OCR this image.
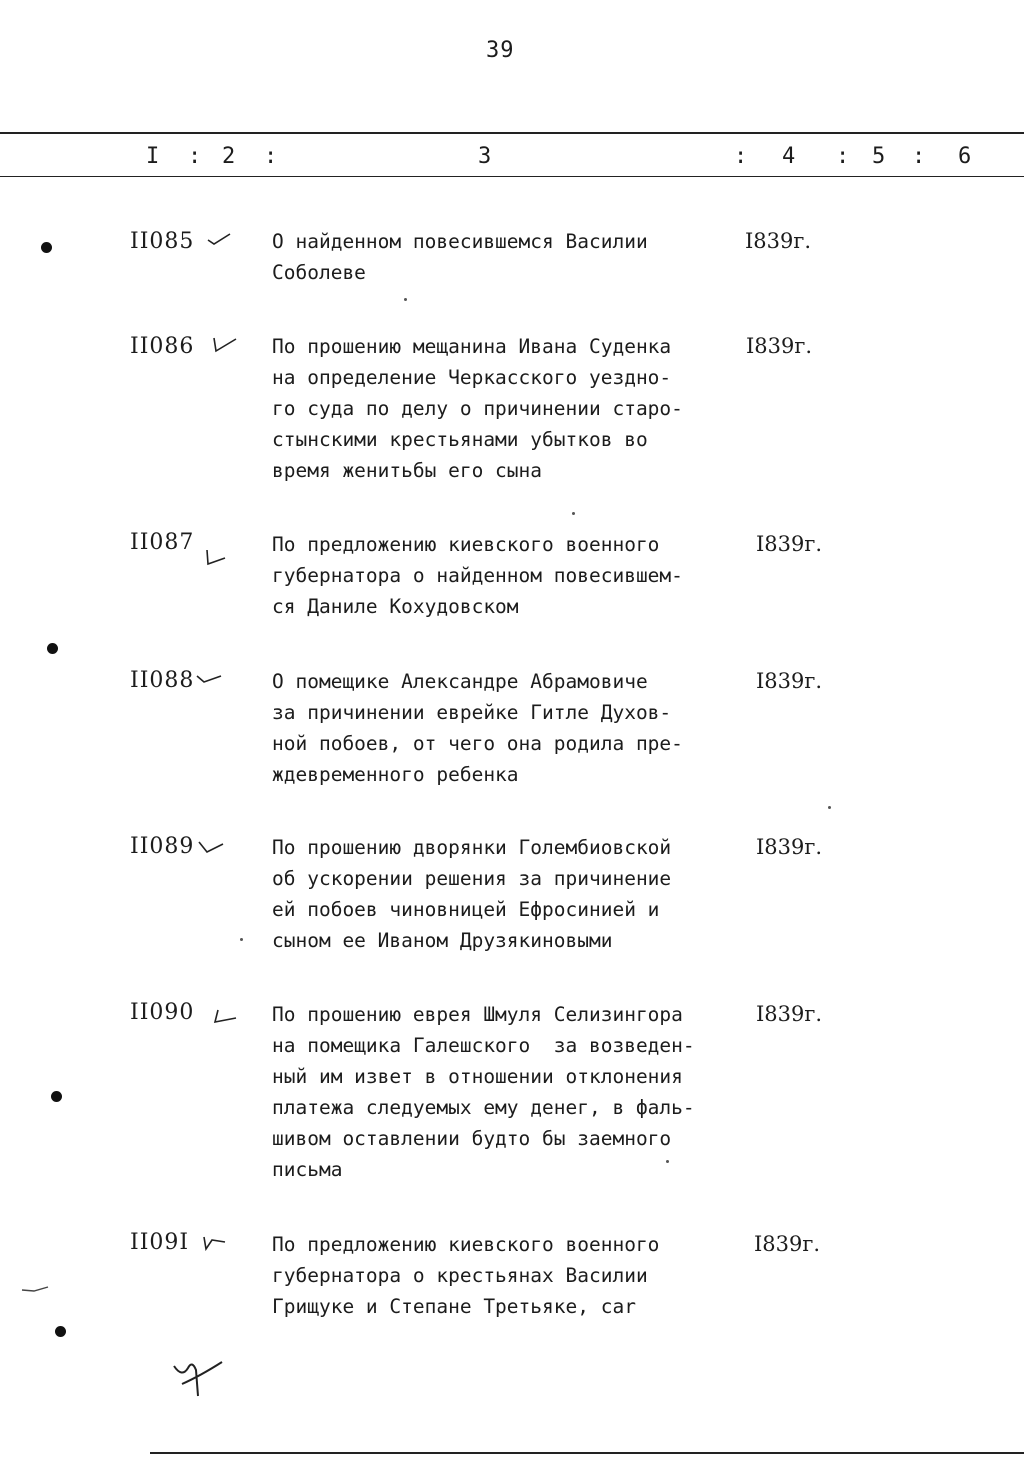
39
I : 2 :	3	: 4 : 5 : 6
II085	О найденном повесившемся Василии
Соболеве
I839г.
II086	По прошению мещанина Ивана Суденка
на определение Черкасского уездно-
го суда по делу о причинении старо-
стынскими крестьянами убытков во
время женитьбы его сына
I839г.
II087	По предложению киевского военного
губернатора о найденном повесившем-
ся Даниле Кохудовском
I839г.
II088	О помещике Александре Абрамовиче
за причинении еврейке Гитле Духов-
ной побоев, от чего она родила пре-
ждевременного ребенка
I839г.
II089	По прошению дворянки Голембиовской
об ускорении решения за причинение
ей побоев чиновницей Ефросинией и
сыном ее Иваном Друзякиновыми
I839г.
II090	По прошению еврея Шмуля Селизингора
на помещика Галешского  за возведен-
ный им извет в отношении отклонения
платежа следуемых ему денег, в фаль-
шивом оставлении будто бы заемного
письма
I839г.
II09I	По предложению киевского военного
губернатора о крестьянах Василии
Грищуке и Степане Третьяке, car
I839г.
